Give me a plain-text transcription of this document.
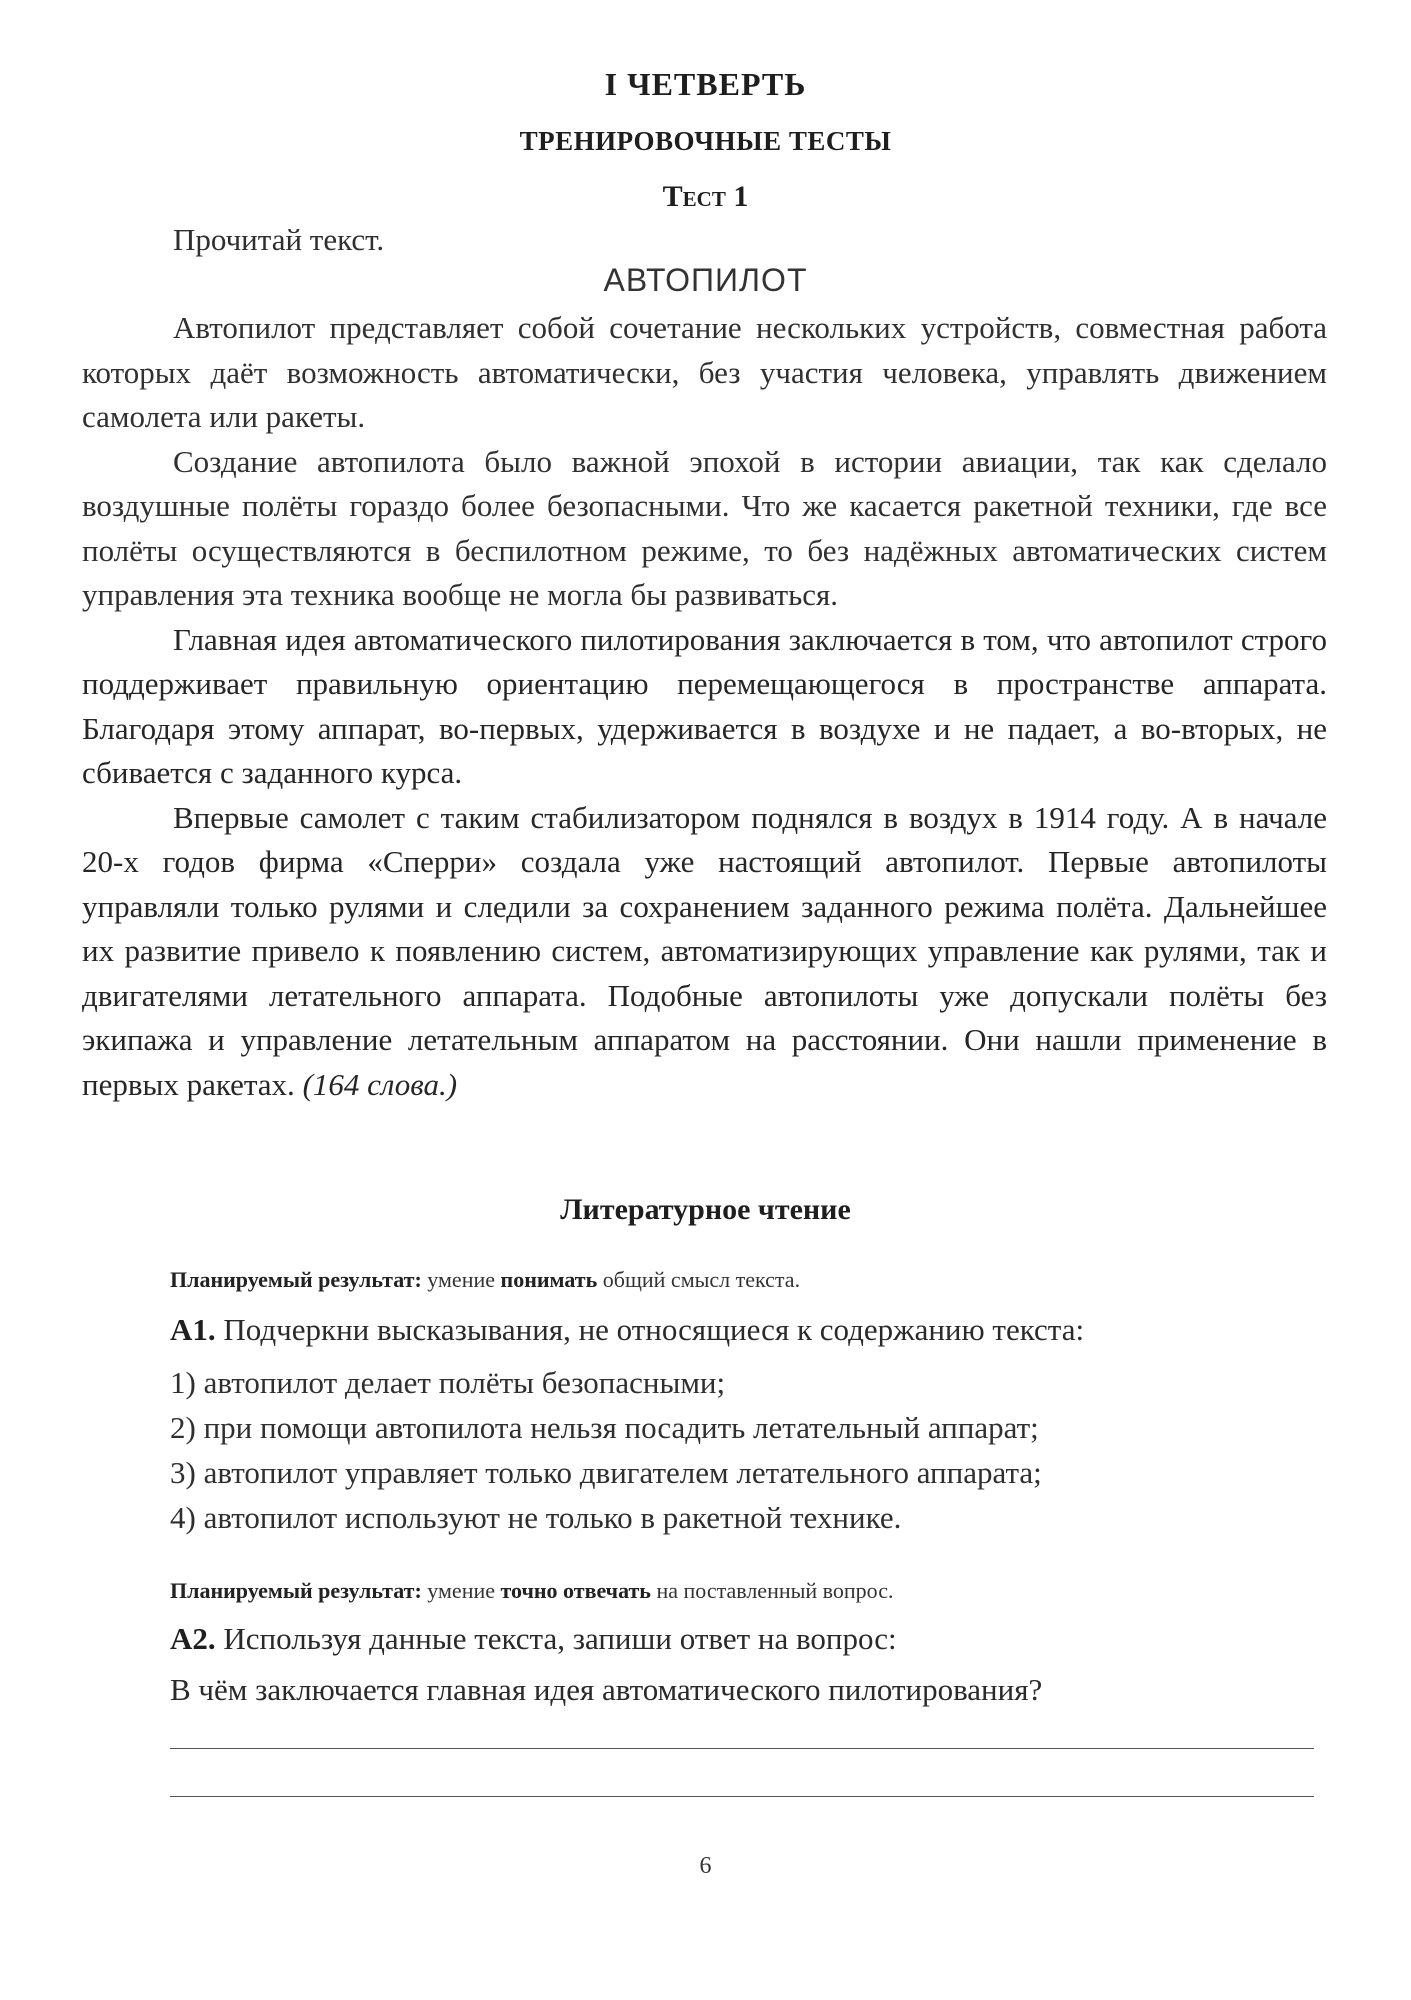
I ЧЕТВЕРТЬ
ТРЕНИРОВОЧНЫЕ ТЕСТЫ
Тест 1
Прочитай текст.
АВТОПИЛОТ

Автопилот представляет собой сочетание нескольких устройств, совместная работа которых даёт возможность автоматически, без участия человека, управлять движением самолета или ракеты.

Создание автопилота было важной эпохой в истории авиации, так как сделало воздушные полёты гораздо более безопасными. Что же касается ракетной техники, где все полёты осуществляются в беспилотном режиме, то без надёжных автоматических систем управления эта техника вообще не могла бы развиваться.

Главная идея автоматического пилотирования заключается в том, что автопилот строго поддерживает правильную ориентацию перемещающегося в пространстве аппарата. Благодаря этому аппарат, во-первых, удерживается в воздухе и не падает, а во-вторых, не сбивается с заданного курса.

Впервые самолет с таким стабилизатором поднялся в воздух в 1914 году. А в начале 20-х годов фирма «Сперри» создала уже настоящий автопилот. Первые автопилоты управляли только рулями и следили за сохранением заданного режима полёта. Дальнейшее их развитие привело к появлению систем, автоматизирующих управление как рулями, так и двигателями летательного аппарата. Подобные автопилоты уже допускали полёты без экипажа и управление летательным аппаратом на расстоянии. Они нашли применение в первых ракетах. (164 слова.)

Литературное чтение
Планируемый результат: умение понимать общий смысл текста.
А1. Подчеркни высказывания, не относящиеся к содержанию текста:
1) автопилот делает полёты безопасными;
2) при помощи автопилота нельзя посадить летательный аппарат;
3) автопилот управляет только двигателем летательного аппарата;
4) автопилот используют не только в ракетной технике.
Планируемый результат: умение точно отвечать на поставленный вопрос.
А2. Используя данные текста, запиши ответ на вопрос:
В чём заключается главная идея автоматического пилотирования?
6
